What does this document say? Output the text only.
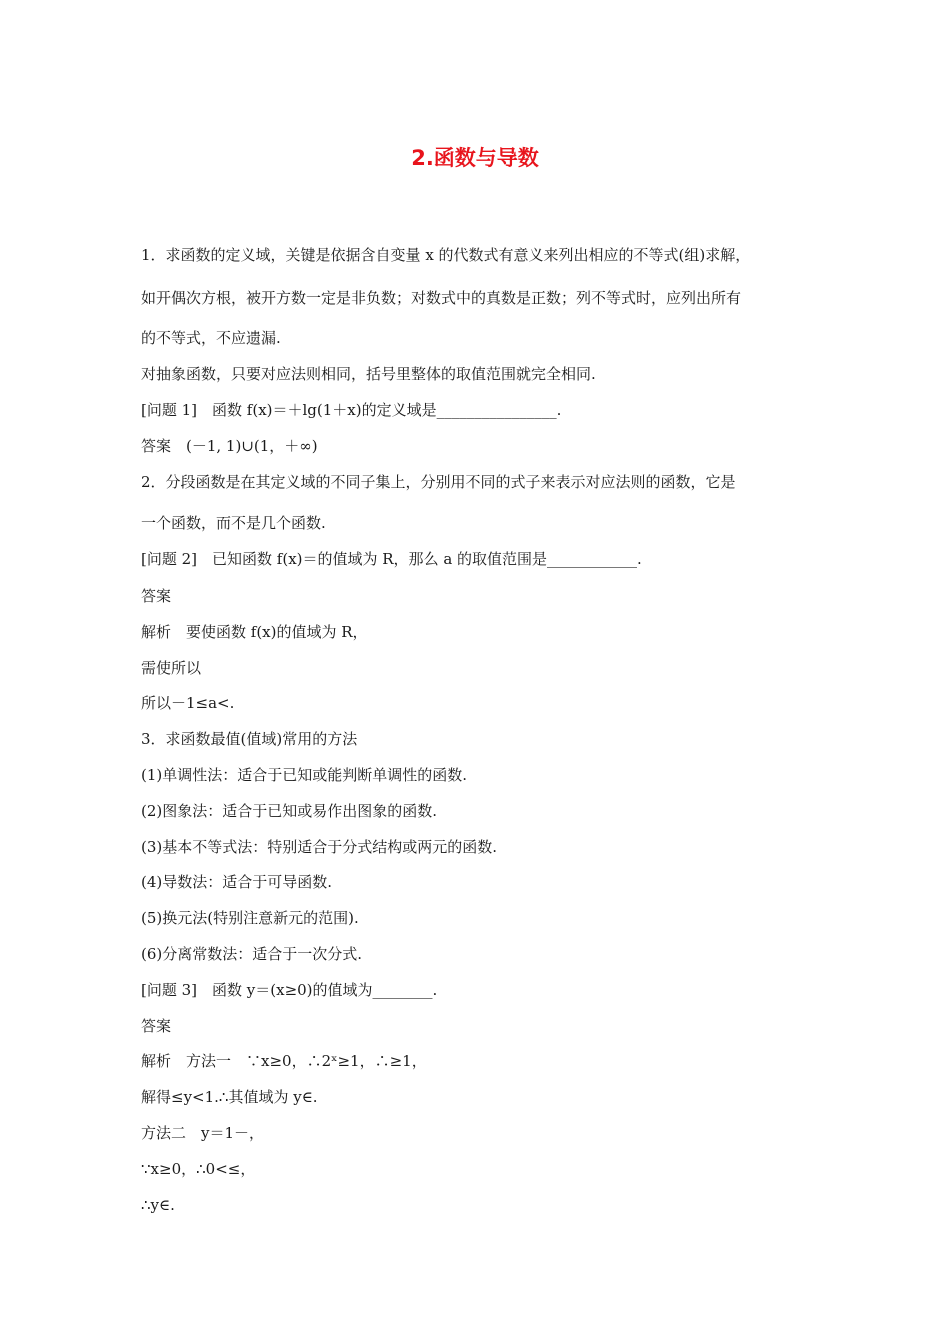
2.函数与导数
1．求函数的定义域，关键是依据含自变量 x 的代数式有意义来列出相应的不等式(组)求解，
如开偶次方根，被开方数一定是非负数；对数式中的真数是正数；列不等式时，应列出所有
的不等式，不应遗漏.
对抽象函数，只要对应法则相同，括号里整体的取值范围就完全相同.
[问题 1]　函数 f(x)＝＋lg(1＋x)的定义域是________________.
答案　(－1, 1)∪(1，＋∞)
2．分段函数是在其定义域的不同子集上，分别用不同的式子来表示对应法则的函数，它是
一个函数，而不是几个函数.
[问题 2]　已知函数 f(x)＝的值域为 R，那么 a 的取值范围是____________.
答案
解析　要使函数 f(x)的值域为 R，
需使所以
所以－1≤a<.
3．求函数最值(值域)常用的方法
(1)单调性法：适合于已知或能判断单调性的函数.
(2)图象法：适合于已知或易作出图象的函数.
(3)基本不等式法：特别适合于分式结构或两元的函数.
(4)导数法：适合于可导函数.
(5)换元法(特别注意新元的范围).
(6)分离常数法：适合于一次分式.
[问题 3]　函数 y＝(x≥0)的值域为________.
答案
解析　方法一　∵x≥0，∴2ˣ≥1，∴≥1，
解得≤y<1.∴其值域为 y∈.
方法二　y＝1－，
∵x≥0，∴0<≤，
∴y∈.
